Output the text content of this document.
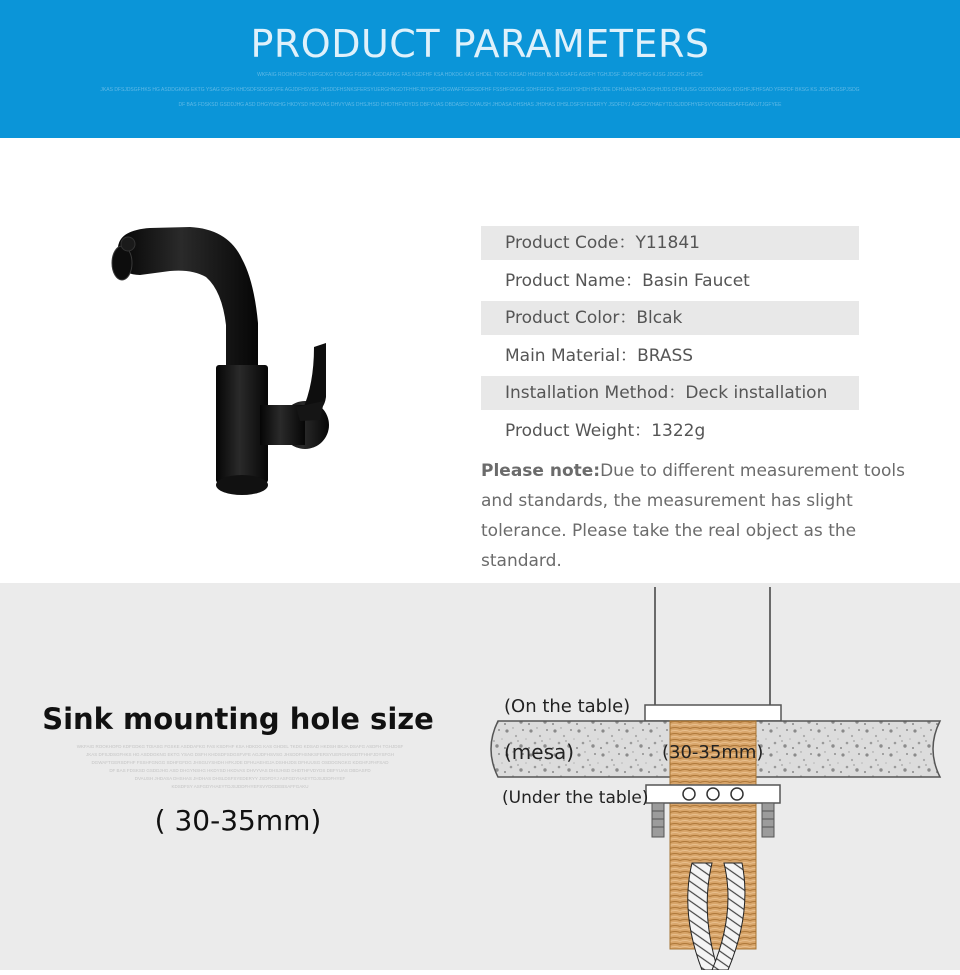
PRODUCT PARAMETERS
WKFAIG ROOKHOFD KDFGDKG TOIASG FGSKE ASDDAFKG FAS KSDFHF KSA HDKDG KAS GHDEL TKDG KDSAD HKDSH BKJA DSAFG ASDFH TGHJDSF JDSKHJHSG KJSG JDGDG JHSDG
JKAS DFSJDSGFHKS HG ASDDGKNG EKTG YSAG DSFH KHDSDFSDGSFVFE AGJDFHSVSG JHSDDFHSNKSFERSYUERGHNGDTFHHFJDYSFGHDGWAFTGERSDFHF FSSHFGNGG SDHFGFDG JHSGUYSHDH HFKJDE DFHUAEHGJA DSHHJDS DFHUUSG OSDDGNGKG KDGHFJFHFSAD YFRFDF BKSG KS JDGHDGSPJSDG
DF BAS FDSKSD GSDDJHG ASD DHGYNSHG HKDYSD HKDVAS DHVYVAS DHSJHSD DHDTHFVDYDS DBFYUAS DBDASFD DVAUSH JHDASA DHSHAS JHDHAS DHSLDSFSYEDERYY JSDFDYJ ASFGDYHAEYTDJSJDDFHYEFSVYDGDEBSAFFGAKUTJGFYEE
Product Code：Y11841
Product Name：Basin Faucet
Product Color：Blcak
Main Material：BRASS
Installation Method：Deck installation
Product Weight：1322g
Please note:Due to different measurement tools and standards, the measurement has slight tolerance. Please take the real object as the standard.
Sink mounting hole size
WKFAIG ROOKHOFD KDFGDKG TOIASG FGSKE ASDDAFKG FAS KSDFHF KSA HDKDG KAS GHDEL TKDG KDSAD HKDSH BKJA DSAFG ASDFH TGHJDSF
JKAS DFSJDSGFHKS HG ASDDGKNG EKTG YSAG DSFH KHDSDFSDGSFVFE AGJDFHSVSG JHSDDFHSNKSFERSYUERGHNGDTFHHFJDYSFGH
DGWAFTGERSDFHF FSSHFGNGG SDHFGFDG JHSGUYSHDH HFKJDE DFHUAEHGJA DSHHJDS DFHUUSG OSDDGNGKG KDGHFJFHFSAD
DF BAS FDSKSD GSDDJHG ASD DHGYNSHG HKDYSD HKDVAS DHVYVAS DHSJHSD DHDTHFVDYDS DBFYUAS DBDASFD
DVAUSH JHDASA DHSHAS JHDHAS DHSLDSFSYEDERYY JSDFDYJ ASFGDYHAEYTDJSJDDFHYEF
KDSDFSY ASFGDYHAEYTDJSJDDFHYEFSVYDGDEBSAFFGAKU
( 30-35mm)
(On the table)
(mesa)	(30-35mm)
(Under the table)
